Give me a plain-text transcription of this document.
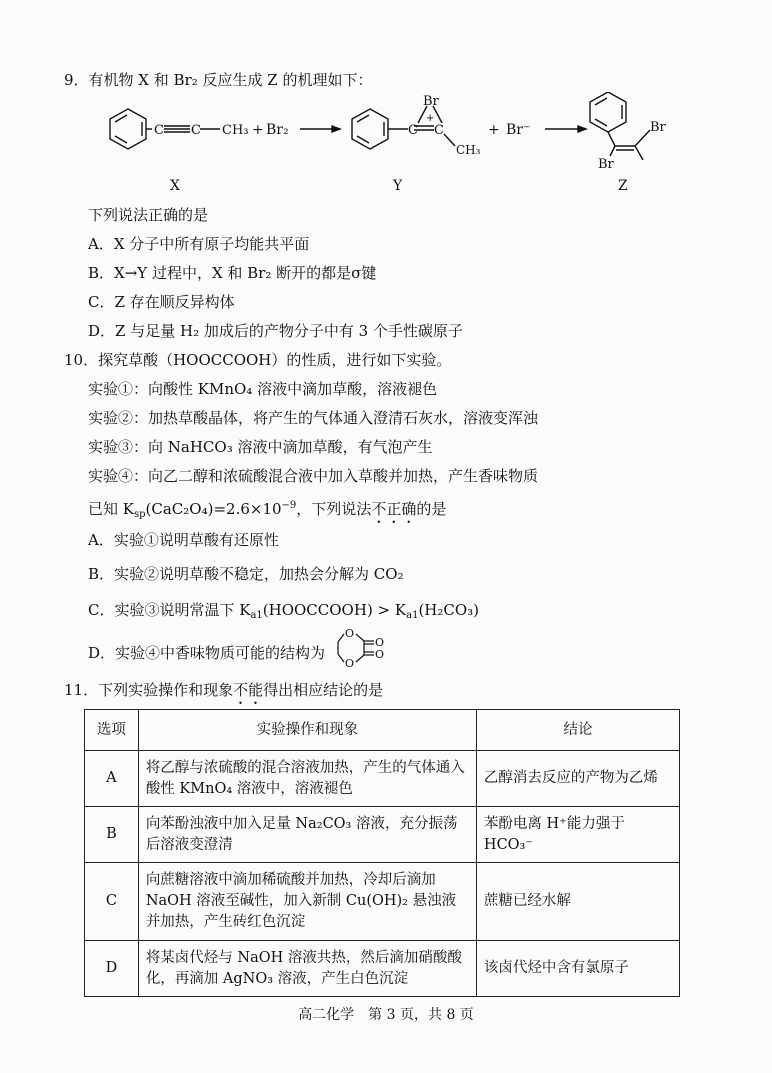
9．有机物 X 和 Br₂ 反应生成 Z 的机理如下：
C C CH₃ + Br₂
X
C C
Br
+
CH₃
+ Br⁻
Y
Br
Br
Z
下列说法正确的是
A．X 分子中所有原子均能共平面
B．X→Y 过程中，X 和 Br₂ 断开的都是σ键
C．Z 存在顺反异构体
D．Z 与足量 H₂ 加成后的产物分子中有 3 个手性碳原子
10．探究草酸（HOOCCOOH）的性质，进行如下实验。
实验①：向酸性 KMnO₄ 溶液中滴加草酸，溶液褪色
实验②：加热草酸晶体，将产生的气体通入澄清石灰水，溶液变浑浊
实验③：向 NaHCO₃ 溶液中滴加草酸，有气泡产生
实验④：向乙二醇和浓硫酸混合液中加入草酸并加热，产生香味物质
已知 $K_{sp}(CaC_2O_4)=2.6\times 10^{-9}$，下列说法不正确的是
A．实验①说明草酸有还原性
B．实验②说明草酸不稳定，加热会分解为 CO₂
C．实验③说明常温下 $K_{a1}(HOOCCOOH) > K_{a1}(H_2CO_3)$
D．实验④中香味物质可能的结构为
O
O
O
O
11．下列实验操作和现象不能得出相应结论的是
选项	实验操作和现象	结论
A	将乙醇与浓硫酸的混合溶液加热，产生的气体通入酸性 KMnO₄ 溶液中，溶液褪色	乙醇消去反应的产物为乙烯
B	向苯酚浊液中加入足量 Na₂CO₃ 溶液，充分振荡后溶液变澄清	苯酚电离 H⁺能力强于 HCO₃⁻
C	向蔗糖溶液中滴加稀硫酸并加热，冷却后滴加 NaOH 溶液至碱性，加入新制 Cu(OH)₂ 悬浊液并加热，产生砖红色沉淀	蔗糖已经水解
D	将某卤代烃与 NaOH 溶液共热，然后滴加硝酸酸化，再滴加 AgNO₃ 溶液，产生白色沉淀	该卤代烃中含有氯原子
高二化学　第 3 页，共 8 页
